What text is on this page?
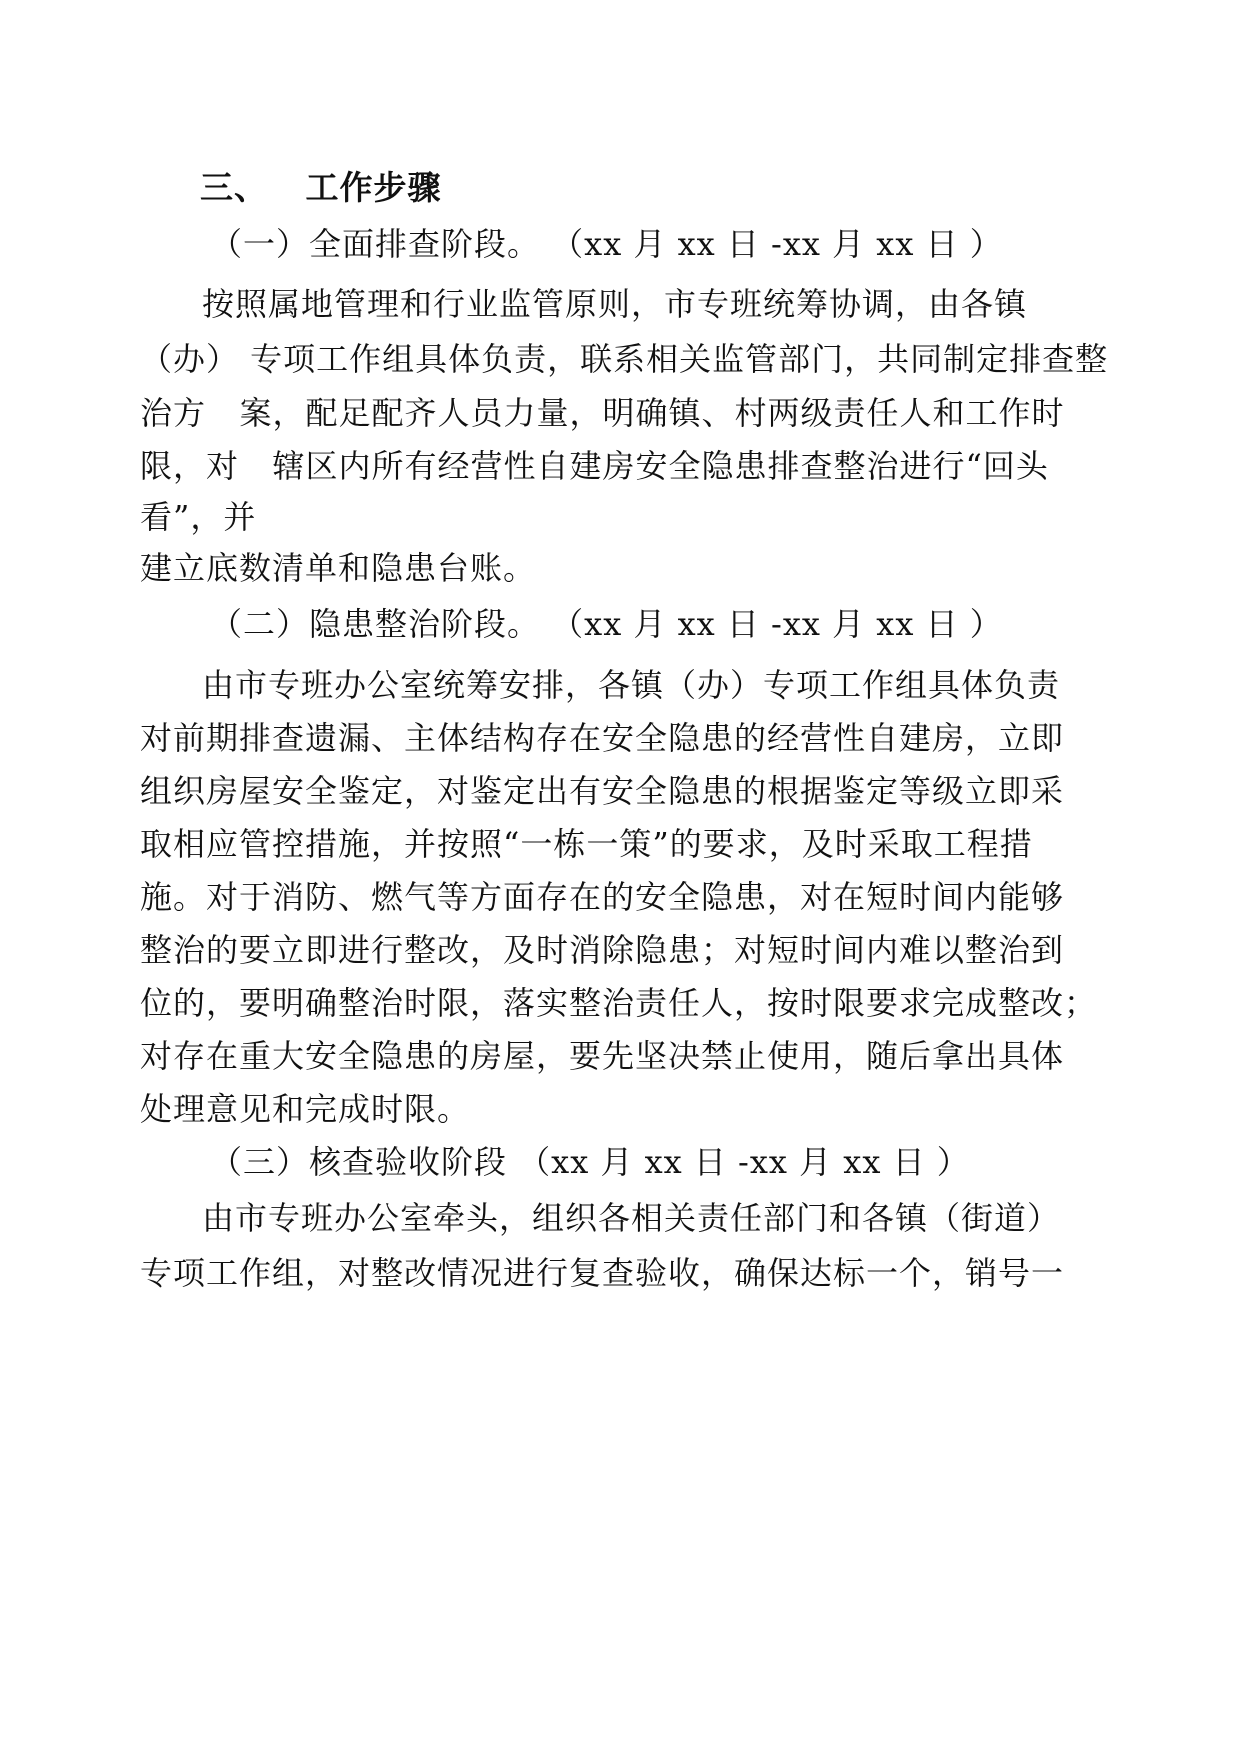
三、   工作步骤
（一）全面排查阶段。 （xx 月 xx 日 -xx 月 xx 日 ）
按照属地管理和行业监管原则，市专班统筹协调，由各镇
（办） 专项工作组具体负责，联系相关监管部门，共同制定排查整
治方   案，配足配齐人员力量，明确镇、村两级责任人和工作时
限，对   辖区内所有经营性自建房安全隐患排查整治进行“回头
看”，并
建立底数清单和隐患台账。
（二）隐患整治阶段。 （xx 月 xx 日 -xx 月 xx 日 ）
由市专班办公室统筹安排，各镇（办）专项工作组具体负责
对前期排查遗漏、主体结构存在安全隐患的经营性自建房，立即
组织房屋安全鉴定，对鉴定出有安全隐患的根据鉴定等级立即采
取相应管控措施，并按照“一栋一策”的要求，及时采取工程措
施。对于消防、燃气等方面存在的安全隐患，对在短时间内能够
整治的要立即进行整改，及时消除隐患；对短时间内难以整治到
位的，要明确整治时限，落实整治责任人，按时限要求完成整改；
对存在重大安全隐患的房屋，要先坚决禁止使用，随后拿出具体
处理意见和完成时限。
（三）核查验收阶段 （xx 月 xx 日 -xx 月 xx 日 ）
由市专班办公室牵头，组织各相关责任部门和各镇（街道）
专项工作组，对整改情况进行复查验收，确保达标一个，销号一
